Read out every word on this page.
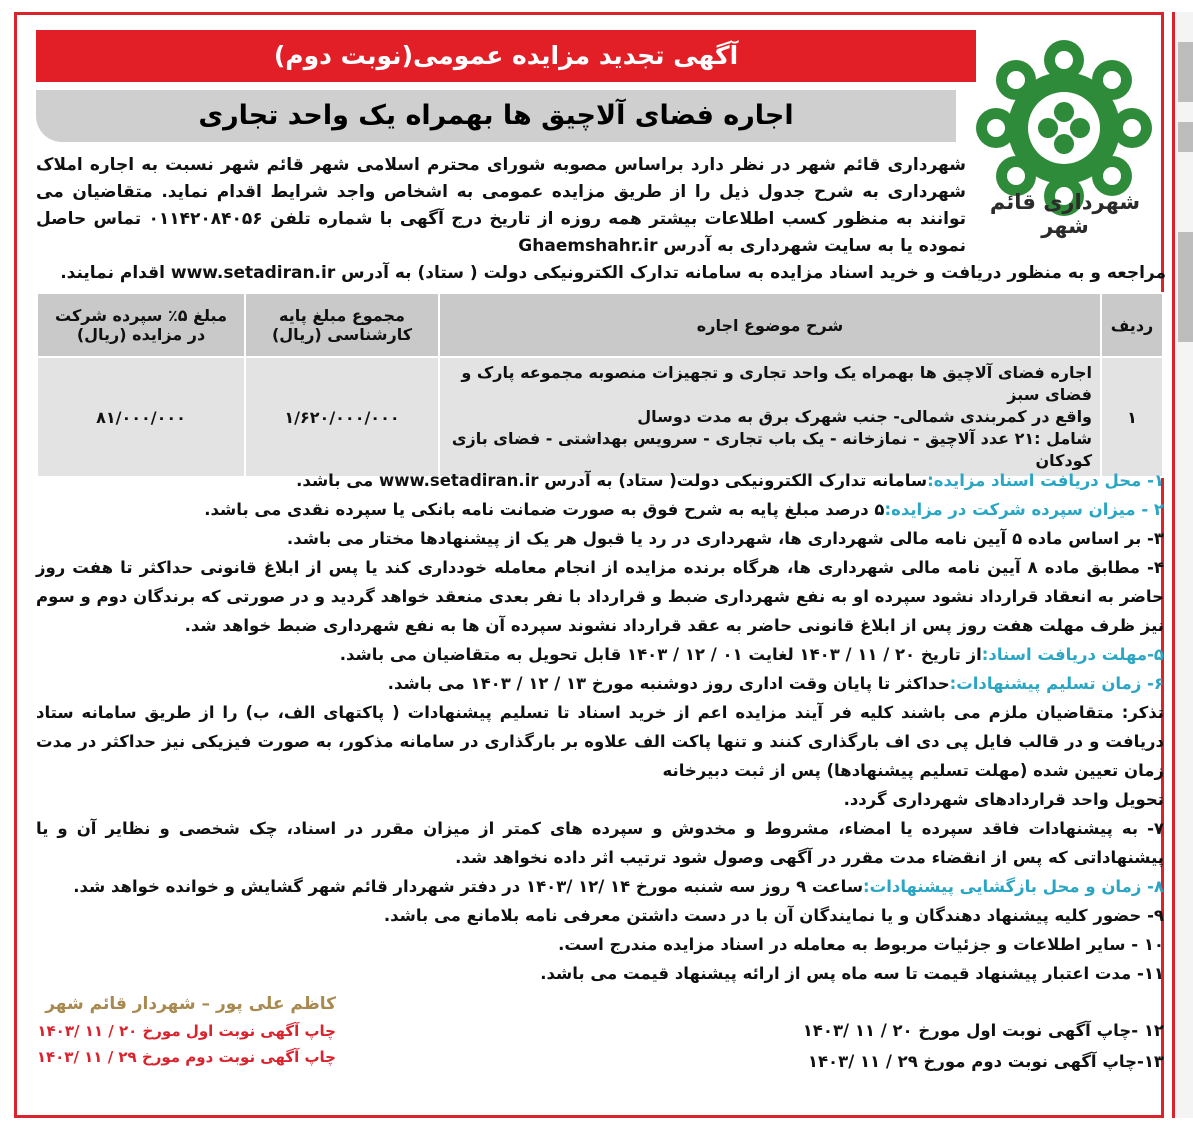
آگهی تجدید مزایده عمومی(نوبت دوم)
اجاره فضای آلاچیق ها بهمراه یک واحد تجاری
شهرداری قائم شهر
شهرداری قائم شهر در نظر دارد براساس مصوبه شورای محترم اسلامی شهر قائم شهر نسبت به اجاره املاک شهرداری به شرح جدول ذیل را از طریق مزایده عمومی به اشخاص واجد شرایط اقدام نماید. متقاضیان می توانند به منظور کسب اطلاعات بیشتر همه روزه از تاریخ درج آگهی با شماره تلفن ۰۱۱۴۲۰۸۴۰۵۶ تماس حاصل نموده یا به سایت شهرداری به آدرس Ghaemshahr.ir
مراجعه و به منظور دریافت و خرید اسناد مزایده به سامانه تدارک الکترونیکی دولت ( ستاد) به آدرس www.setadiran.ir اقدام نمایند.
ردیف	شرح موضوع اجاره	مجموع مبلغ پایه کارشناسی (ریال)	مبلغ ۵٪ سپرده شرکت در مزایده (ریال)
۱	اجاره فضای آلاچیق ها بهمراه یک واحد تجاری و تجهیزات منصوبه مجموعه پارک و فضای سبز
واقع در کمربندی شمالی- جنب شهرک برق به مدت دوسال
شامل :۲۱ عدد آلاچیق - نمازخانه - یک باب تجاری - سرویس بهداشتی - فضای بازی کودکان	۱/۶۲۰/۰۰۰/۰۰۰	۸۱/۰۰۰/۰۰۰

۱- محل دریافت اسناد مزایده:سامانه تدارک الکترونیکی دولت( ستاد) به آدرس www.setadiran.ir می باشد.

۲ - میزان سپرده شرکت در مزایده:۵ درصد مبلغ پایه به شرح فوق به صورت ضمانت نامه بانکی یا سپرده نقدی می باشد.

۳- بر اساس ماده ۵ آیین نامه مالی شهرداری ها، شهرداری در رد یا قبول هر یک از پیشنهادها مختار می باشد.

۴- مطابق ماده ۸ آیین نامه مالی شهرداری ها، هرگاه برنده مزایده از انجام معامله خودداری کند یا پس از ابلاغ قانونی حداکثر تا هفت روز حاضر به انعقاد قرارداد نشود سپرده او به نفع شهرداری ضبط و قرارداد با نفر بعدی منعقد خواهد گردید و در صورتی که برندگان دوم و سوم نیز ظرف مهلت هفت روز پس از ابلاغ قانونی حاضر به عقد قرارداد نشوند سپرده آن ها به نفع شهرداری ضبط خواهد شد.

۵-مهلت دریافت اسناد:از تاریخ ۲۰ / ۱۱ / ۱۴۰۳ لغایت ۰۱ / ۱۲ / ۱۴۰۳ قابل تحویل به متقاضیان می باشد.

۶- زمان تسلیم پیشنهادات:حداکثر تا پایان وقت اداری روز دوشنبه مورخ ۱۳ / ۱۲ / ۱۴۰۳ می باشد.

تذکر: متقاضیان ملزم می باشند کلیه فر آیند مزایده اعم از خرید اسناد تا تسلیم پیشنهادات ( پاکتهای الف، ب) را از طریق سامانه ستاد دریافت و در قالب فایل پی دی اف بارگذاری کنند و تنها پاکت الف علاوه بر بارگذاری در سامانه مذکور، به صورت فیزیکی نیز حداکثر در مدت زمان تعیین شده (مهلت تسلیم پیشنهادها) پس از ثبت دبیرخانه

تحویل واحد قراردادهای شهرداری گردد.

۷- به پیشنهادات فاقد سپرده یا امضاء، مشروط و مخدوش و سپرده های کمتر از میزان مقرر در اسناد، چک شخصی و نظایر آن و یا پیشنهاداتی که پس از انقضاء مدت مقرر در آگهی وصول شود ترتیب اثر داده نخواهد شد.

۸- زمان و محل بازگشایی پیشنهادات:ساعت ۹ روز سه شنبه مورخ ۱۴ /۱۲ /۱۴۰۳ در دفتر شهردار قائم شهر گشایش و خوانده خواهد شد.

۹- حضور کلیه پیشنهاد دهندگان و یا نمایندگان آن با در دست داشتن معرفی نامه بلامانع می باشد.

۱۰ - سایر اطلاعات و جزئیات مربوط به معامله در اسناد مزایده مندرج است.

۱۱- مدت اعتبار پیشنهاد قیمت تا سه ماه پس از ارائه پیشنهاد قیمت می باشد.

۱۲ -چاپ آگهی نوبت اول مورخ ۲۰ / ۱۱ /۱۴۰۳

۱۳-چاپ آگهی نوبت دوم مورخ ۲۹ / ۱۱ /۱۴۰۳

کاظم علی پور – شهردار قائم شهر
چاپ آگهی نوبت اول مورخ ۲۰ / ۱۱ /۱۴۰۳
چاپ آگهی نوبت دوم مورخ ۲۹ / ۱۱ /۱۴۰۳
